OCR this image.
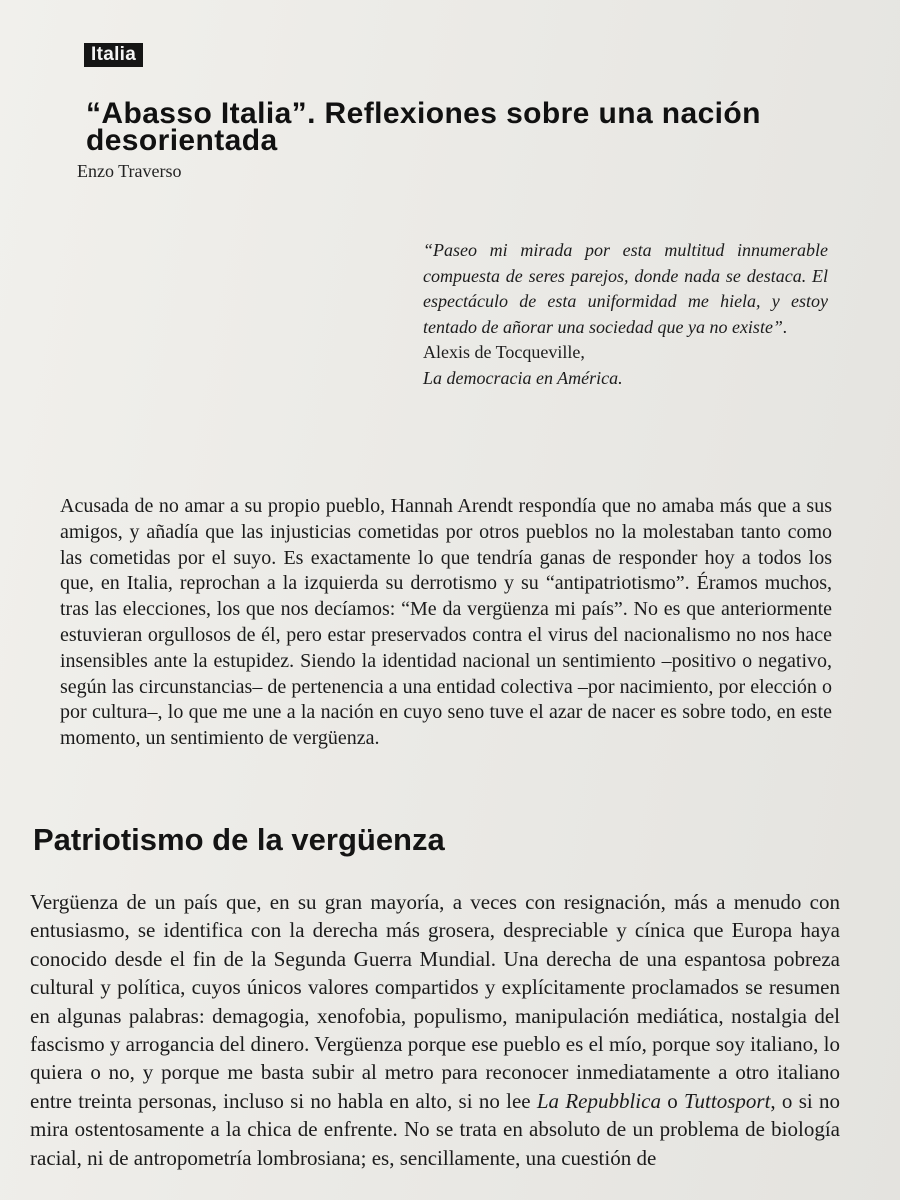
Italia
“Abasso Italia”. Reflexiones sobre una nación desorientada
Enzo Traverso

“Paseo mi mirada por esta multitud innumerable compuesta de seres parejos, donde nada se destaca. El espectáculo de esta uniformidad me hiela, y estoy tentado de añorar una sociedad que ya no existe”.

Alexis de Tocqueville,

La democracia en América.

Acusada de no amar a su propio pueblo, Hannah Arendt respondía que no amaba más que a sus amigos, y añadía que las injusticias cometidas por otros pueblos no la molestaban tanto como las cometidas por el suyo. Es exactamente lo que tendría ganas de responder hoy a todos los que, en Italia, reprochan a la izquierda su derrotismo y su “antipatriotismo”. Éramos muchos, tras las elecciones, los que nos decíamos: “Me da vergüenza mi país”. No es que anteriormente estuvieran orgullosos de él, pero estar preservados contra el virus del nacionalismo no nos hace insensibles ante la estupidez. Siendo la identidad nacional un sentimiento –positivo o negativo, según las circunstancias– de pertenencia a una entidad colectiva –por nacimiento, por elección o por cultura–, lo que me une a la nación en cuyo seno tuve el azar de nacer es sobre todo, en este momento, un sentimiento de vergüenza.

Patriotismo de la vergüenza

Vergüenza de un país que, en su gran mayoría, a veces con resignación, más a menudo con entusiasmo, se identifica con la derecha más grosera, despreciable y cínica que Europa haya conocido desde el fin de la Segunda Guerra Mundial. Una derecha de una espantosa pobreza cultural y política, cuyos únicos valores compartidos y explícitamente proclamados se resumen en algunas palabras: demagogia, xenofobia, populismo, manipulación mediática, nostalgia del fascismo y arrogancia del dinero. Vergüenza porque ese pueblo es el mío, porque soy italiano, lo quiera o no, y porque me basta subir al metro para reconocer inmediatamente a otro italiano entre treinta personas, incluso si no habla en alto, si no lee La Repubblica o Tuttosport, o si no mira ostentosamente a la chica de enfrente. No se trata en absoluto de un problema de biología racial, ni de antropometría lombrosiana; es, sencillamente, una cuestión de
